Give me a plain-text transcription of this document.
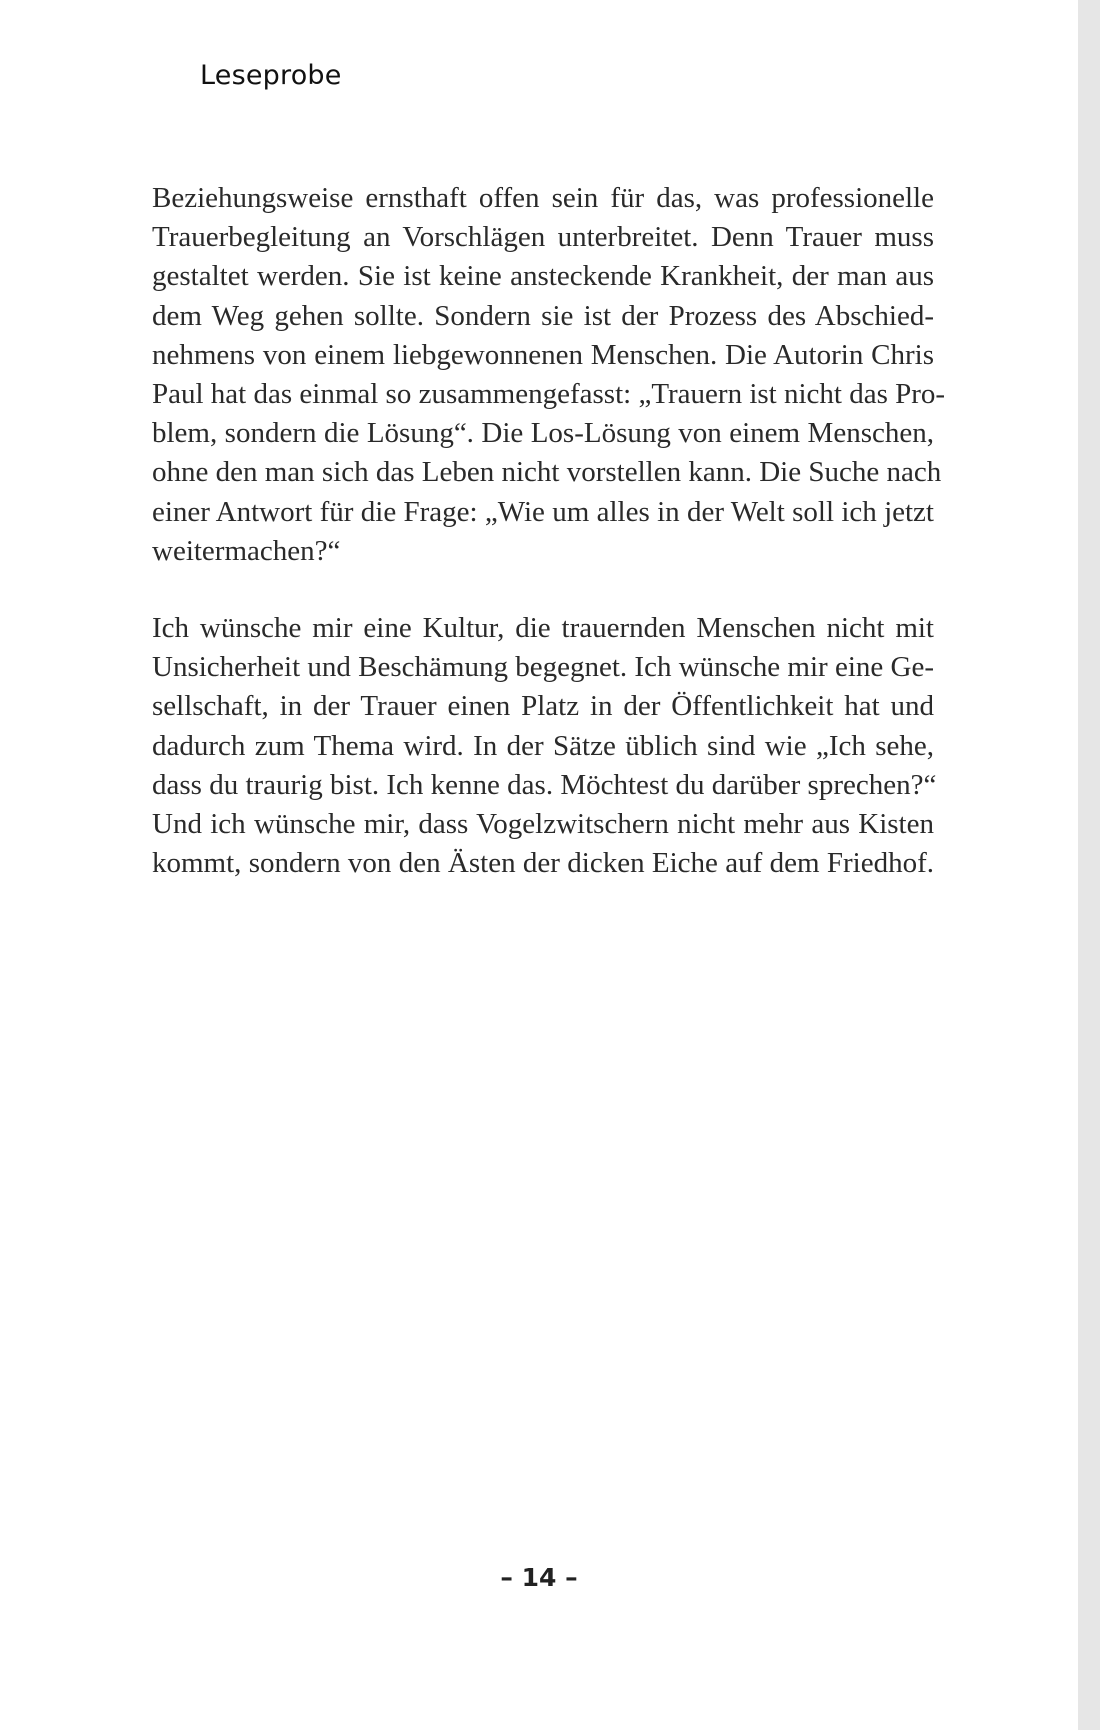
Leseprobe
Beziehungsweise ernsthaft offen sein für das, was professionelle
Trauerbegleitung an Vorschlägen unterbreitet. Denn Trauer muss
gestaltet werden. Sie ist keine ansteckende Krankheit, der man aus
dem Weg gehen sollte. Sondern sie ist der Prozess des Abschied-
nehmens von einem liebgewonnenen Menschen. Die Autorin Chris
Paul hat das einmal so zusammengefasst: „Trauern ist nicht das Pro-
blem, sondern die Lösung“. Die Los-Lösung von einem Menschen,
ohne den man sich das Leben nicht vorstellen kann. Die Suche nach
einer Antwort für die Frage: „Wie um alles in der Welt soll ich jetzt
weitermachen?“
Ich wünsche mir eine Kultur, die trauernden Menschen nicht mit
Unsicherheit und Beschämung begegnet. Ich wünsche mir eine Ge-
sellschaft, in der Trauer einen Platz in der Öffentlichkeit hat und
dadurch zum Thema wird. In der Sätze üblich sind wie „Ich sehe,
dass du traurig bist. Ich kenne das. Möchtest du darüber sprechen?“
Und ich wünsche mir, dass Vogelzwitschern nicht mehr aus Kisten
kommt, sondern von den Ästen der dicken Eiche auf dem Friedhof.
– 14 –
